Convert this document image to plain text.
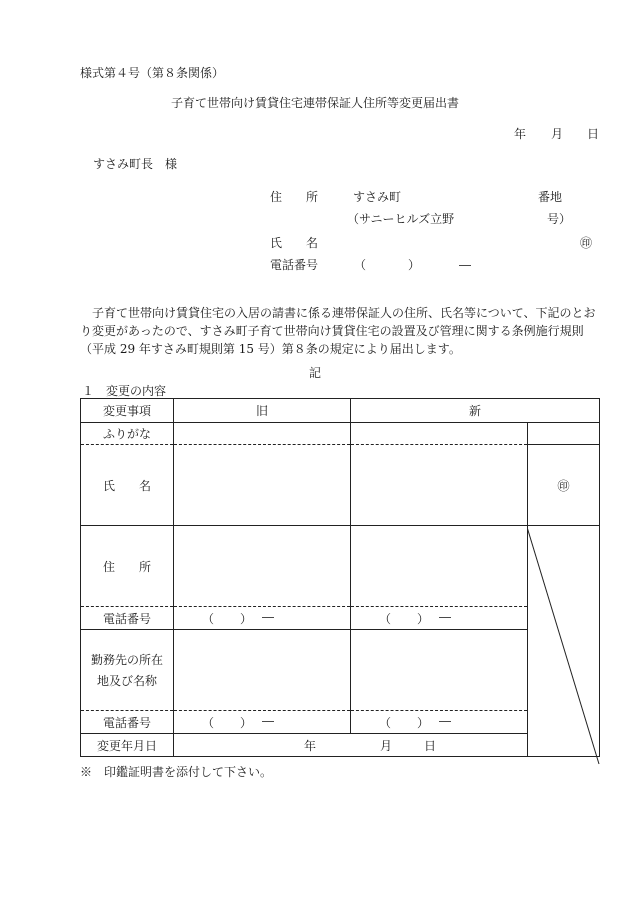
様式第４号（第８条関係）
子育て世帯向け賃貸住宅連帯保証人住所等変更届出書
年 月 日
すさみ町長　様
住　　所	すさみ町	番地
（サニーヒルズ立野	号）
氏　　名	㊞
電話番号	（	）	―
子育て世帯向け賃貸住宅の入居の請書に係る連帯保証人の住所、氏名等について、下記のとお
り変更があったので、すさみ町子育て世帯向け賃貸住宅の設置及び管理に関する条例施行規則
（平成 29 年すさみ町規則第 15 号）第８条の規定により届出します。
記
１　変更の内容
変更事項	旧	新	
ふりがな			
氏　　名			㊞
住　　所			
電話番号	（ ） ―	（ ） ―	

勤務先の所在
地及び名称			

電話番号	（ ） ―	（ ） ―	

変更年月日	年 月 日		
※　印鑑証明書を添付して下さい。
